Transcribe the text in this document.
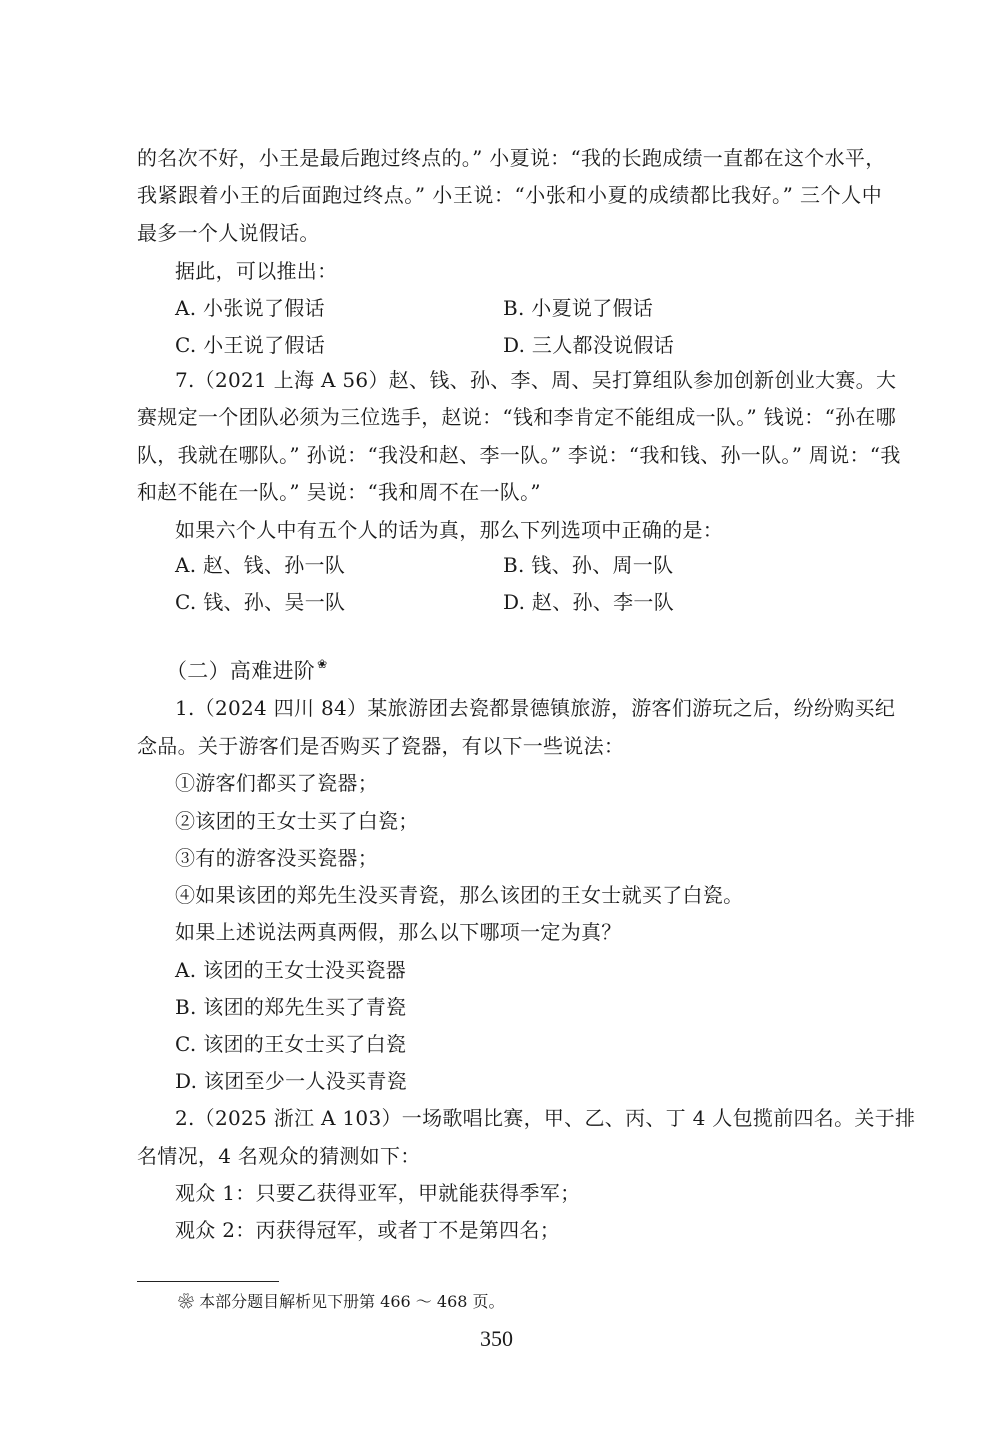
的名次不好，小王是最后跑过终点的。” 小夏说：“我的长跑成绩一直都在这个水平，
我紧跟着小王的后面跑过终点。” 小王说：“小张和小夏的成绩都比我好。” 三个人中
最多一个人说假话。
据此，可以推出：
A. 小张说了假话	B. 小夏说了假话
C. 小王说了假话	D. 三人都没说假话
7.（2021 上海 A 56）赵、钱、孙、李、周、吴打算组队参加创新创业大赛。大
赛规定一个团队必须为三位选手，赵说：“钱和李肯定不能组成一队。” 钱说：“孙在哪
队，我就在哪队。” 孙说：“我没和赵、李一队。” 李说：“我和钱、孙一队。” 周说：“我
和赵不能在一队。” 吴说：“我和周不在一队。”
如果六个人中有五个人的话为真，那么下列选项中正确的是：
A. 赵、钱、孙一队	B. 钱、孙、周一队
C. 钱、孙、吴一队	D. 赵、孙、李一队
（二）高难进阶 ❀
1.（2024 四川 84）某旅游团去瓷都景德镇旅游，游客们游玩之后，纷纷购买纪
念品。关于游客们是否购买了瓷器，有以下一些说法：
①游客们都买了瓷器；
②该团的王女士买了白瓷；
③有的游客没买瓷器；
④如果该团的郑先生没买青瓷，那么该团的王女士就买了白瓷。
如果上述说法两真两假，那么以下哪项一定为真？
A. 该团的王女士没买瓷器
B. 该团的郑先生买了青瓷
C. 该团的王女士买了白瓷
D. 该团至少一人没买青瓷
2.（2025 浙江 A 103）一场歌唱比赛，甲、乙、丙、丁 4 人包揽前四名。关于排
名情况，4 名观众的猜测如下：
观众 1：只要乙获得亚军，甲就能获得季军；
观众 2：丙获得冠军，或者丁不是第四名；
❀ 本部分题目解析见下册第 466 ～ 468 页。
350
